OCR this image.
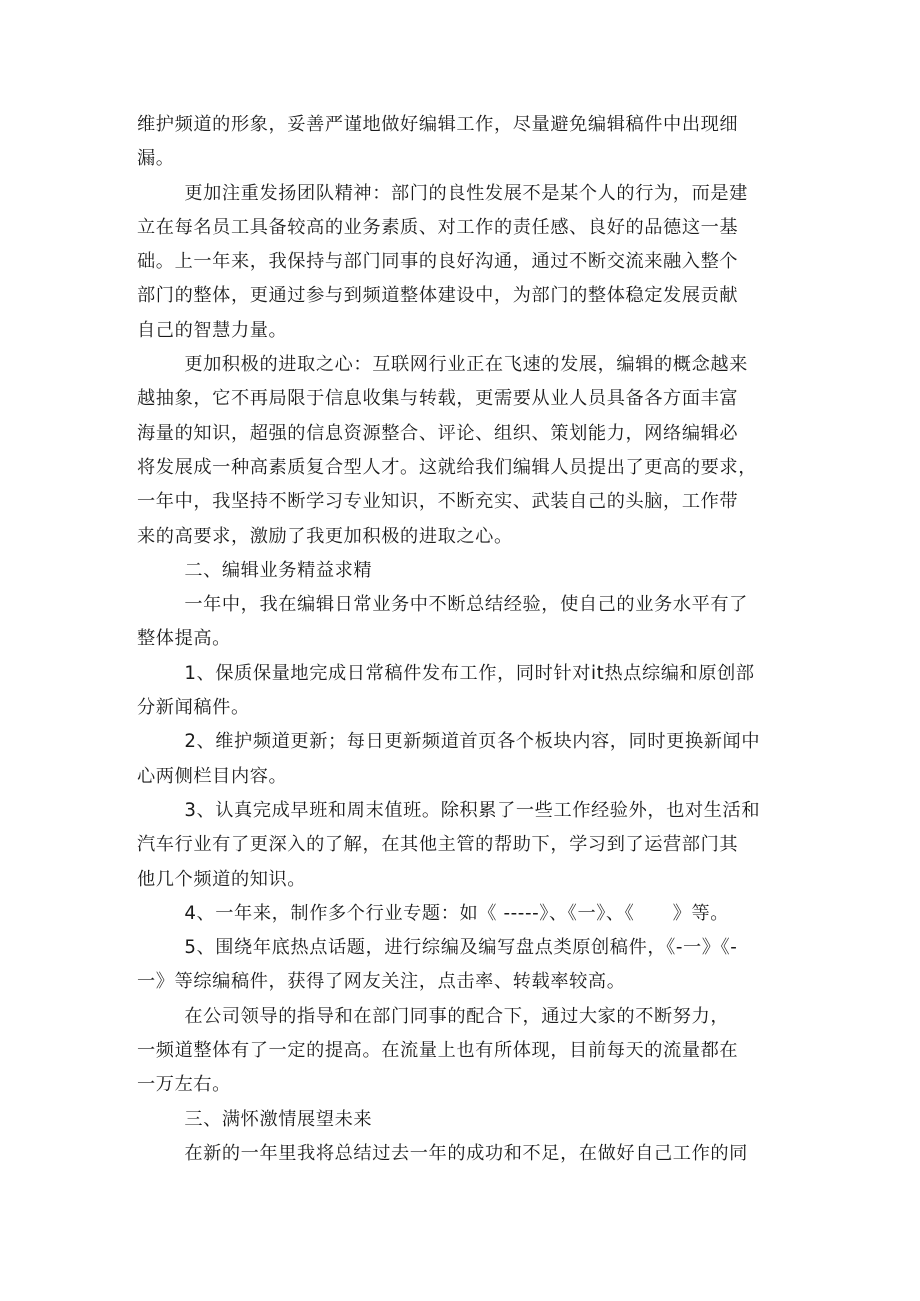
维护频道的形象，妥善严谨地做好编辑工作，尽量避免编辑稿件中出现细
漏。
更加注重发扬团队精神：部门的良性发展不是某个人的行为，而是建
立在每名员工具备较高的业务素质、对工作的责任感、良好的品德这一基
础。上一年来，我保持与部门同事的良好沟通，通过不断交流来融入整个
部门的整体，更通过参与到频道整体建设中，为部门的整体稳定发展贡献
自己的智慧力量。
更加积极的进取之心：互联网行业正在飞速的发展，编辑的概念越来
越抽象，它不再局限于信息收集与转载，更需要从业人员具备各方面丰富
海量的知识，超强的信息资源整合、评论、组织、策划能力，网络编辑必
将发展成一种高素质复合型人才。这就给我们编辑人员提出了更高的要求，
一年中，我坚持不断学习专业知识，不断充实、武装自己的头脑，工作带
来的高要求，激励了我更加积极的进取之心。
二、编辑业务精益求精
一年中，我在编辑日常业务中不断总结经验，使自己的业务水平有了
整体提高。
1、保质保量地完成日常稿件发布工作，同时针对it热点综编和原创部
分新闻稿件。
2、维护频道更新；每日更新频道首页各个板块内容，同时更换新闻中
心两侧栏目内容。
3、认真完成早班和周末值班。除积累了一些工作经验外，也对生活和
汽车行业有了更深入的了解，在其他主管的帮助下，学习到了运营部门其
他几个频道的知识。
4、一年来，制作多个行业专题：如《 -----》、《一》、《      》等。
5、围绕年底热点话题，进行综编及编写盘点类原创稿件，《-一》《-
一》等综编稿件，获得了网友关注，点击率、转载率较高。
在公司领导的指导和在部门同事的配合下，通过大家的不断努力，
一频道整体有了一定的提高。在流量上也有所体现，目前每天的流量都在
一万左右。
三、满怀激情展望未来
在新的一年里我将总结过去一年的成功和不足，在做好自己工作的同
